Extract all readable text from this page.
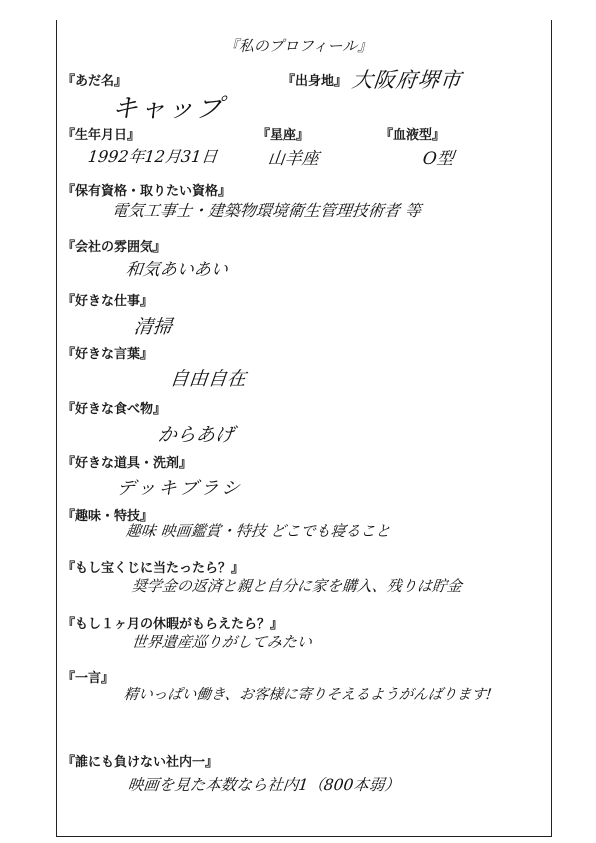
『私のプロフィール』
『あだ名』
キャップ
『出身地』 大阪府堺市
『生年月日』
1992年12月31日
『星座』
山羊座
『血液型』
O型
『保有資格・取りたい資格』
電気工事士・建築物環境衛生管理技術者 等
『会社の雰囲気』
和気あいあい
『好きな仕事』
清掃
『好きな言葉』
自由自在
『好きな食べ物』
からあげ
『好きな道具・洗剤』
デッキブラシ
『趣味・特技』
趣味 映画鑑賞・特技 どこでも寝ること
『もし宝くじに当たったら？』
奨学金の返済と親と自分に家を購入、残りは貯金
『もし１ヶ月の休暇がもらえたら？』
世界遺産巡りがしてみたい
『一言』
精いっぱい働き、お客様に寄りそえるようがんばります!
『誰にも負けない社内一』
映画を見た本数なら社内1（800本弱）
